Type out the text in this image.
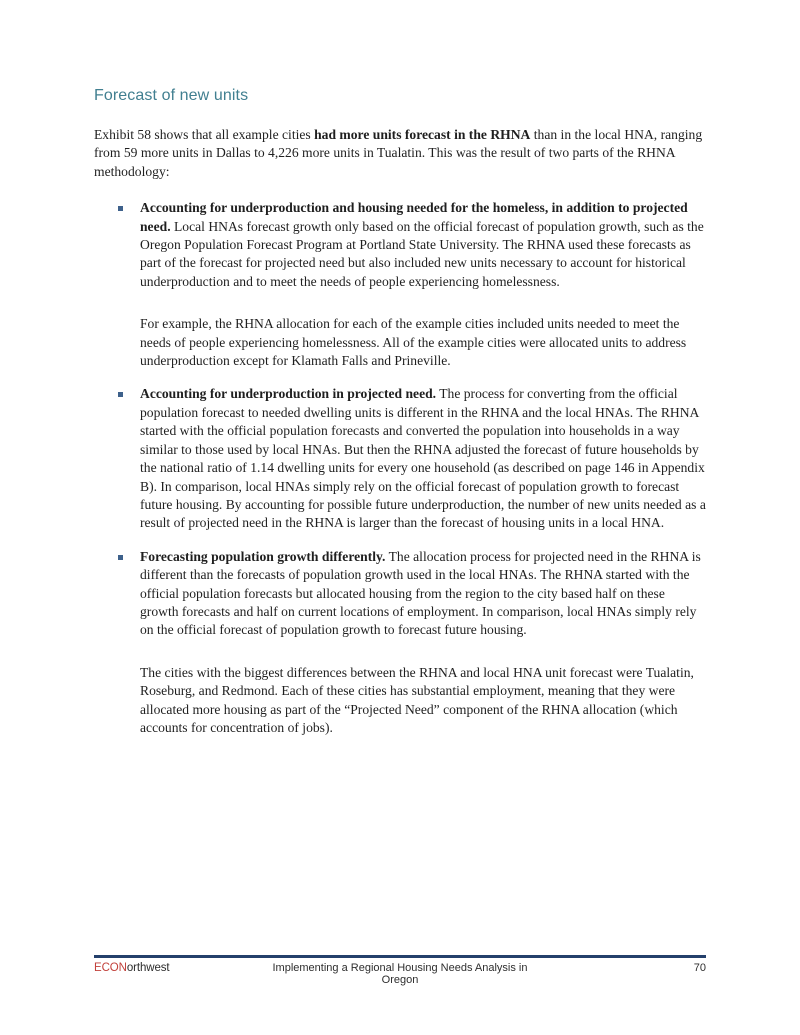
Forecast of new units

Exhibit 58 shows that all example cities had more units forecast in the RHNA than in the local HNA, ranging from 59 more units in Dallas to 4,226 more units in Tualatin. This was the result of two parts of the RHNA methodology:

Accounting for underproduction and housing needed for the homeless, in addition to projected need. Local HNAs forecast growth only based on the official forecast of population growth, such as the Oregon Population Forecast Program at Portland State University. The RHNA used these forecasts as part of the forecast for projected need but also included new units necessary to account for historical underproduction and to meet the needs of people experiencing homelessness.

For example, the RHNA allocation for each of the example cities included units needed to meet the needs of people experiencing homelessness. All of the example cities were allocated units to address underproduction except for Klamath Falls and Prineville.

Accounting for underproduction in projected need. The process for converting from the official population forecast to needed dwelling units is different in the RHNA and the local HNAs. The RHNA started with the official population forecasts and converted the population into households in a way similar to those used by local HNAs. But then the RHNA adjusted the forecast of future households by the national ratio of 1.14 dwelling units for every one household (as described on page 146 in Appendix B). In comparison, local HNAs simply rely on the official forecast of population growth to forecast future housing. By accounting for possible future underproduction, the number of new units needed as a result of projected need in the RHNA is larger than the forecast of housing units in a local HNA.

Forecasting population growth differently. The allocation process for projected need in the RHNA is different than the forecasts of population growth used in the local HNAs. The RHNA started with the official population forecasts but allocated housing from the region to the city based half on these growth forecasts and half on current locations of employment. In comparison, local HNAs simply rely on the official forecast of population growth to forecast future housing.

The cities with the biggest differences between the RHNA and local HNA unit forecast were Tualatin, Roseburg, and Redmond. Each of these cities has substantial employment, meaning that they were allocated more housing as part of the “Projected Need” component of the RHNA allocation (which accounts for concentration of jobs).

ECONorthwest	Implementing a Regional Housing Needs Analysis in Oregon
70
